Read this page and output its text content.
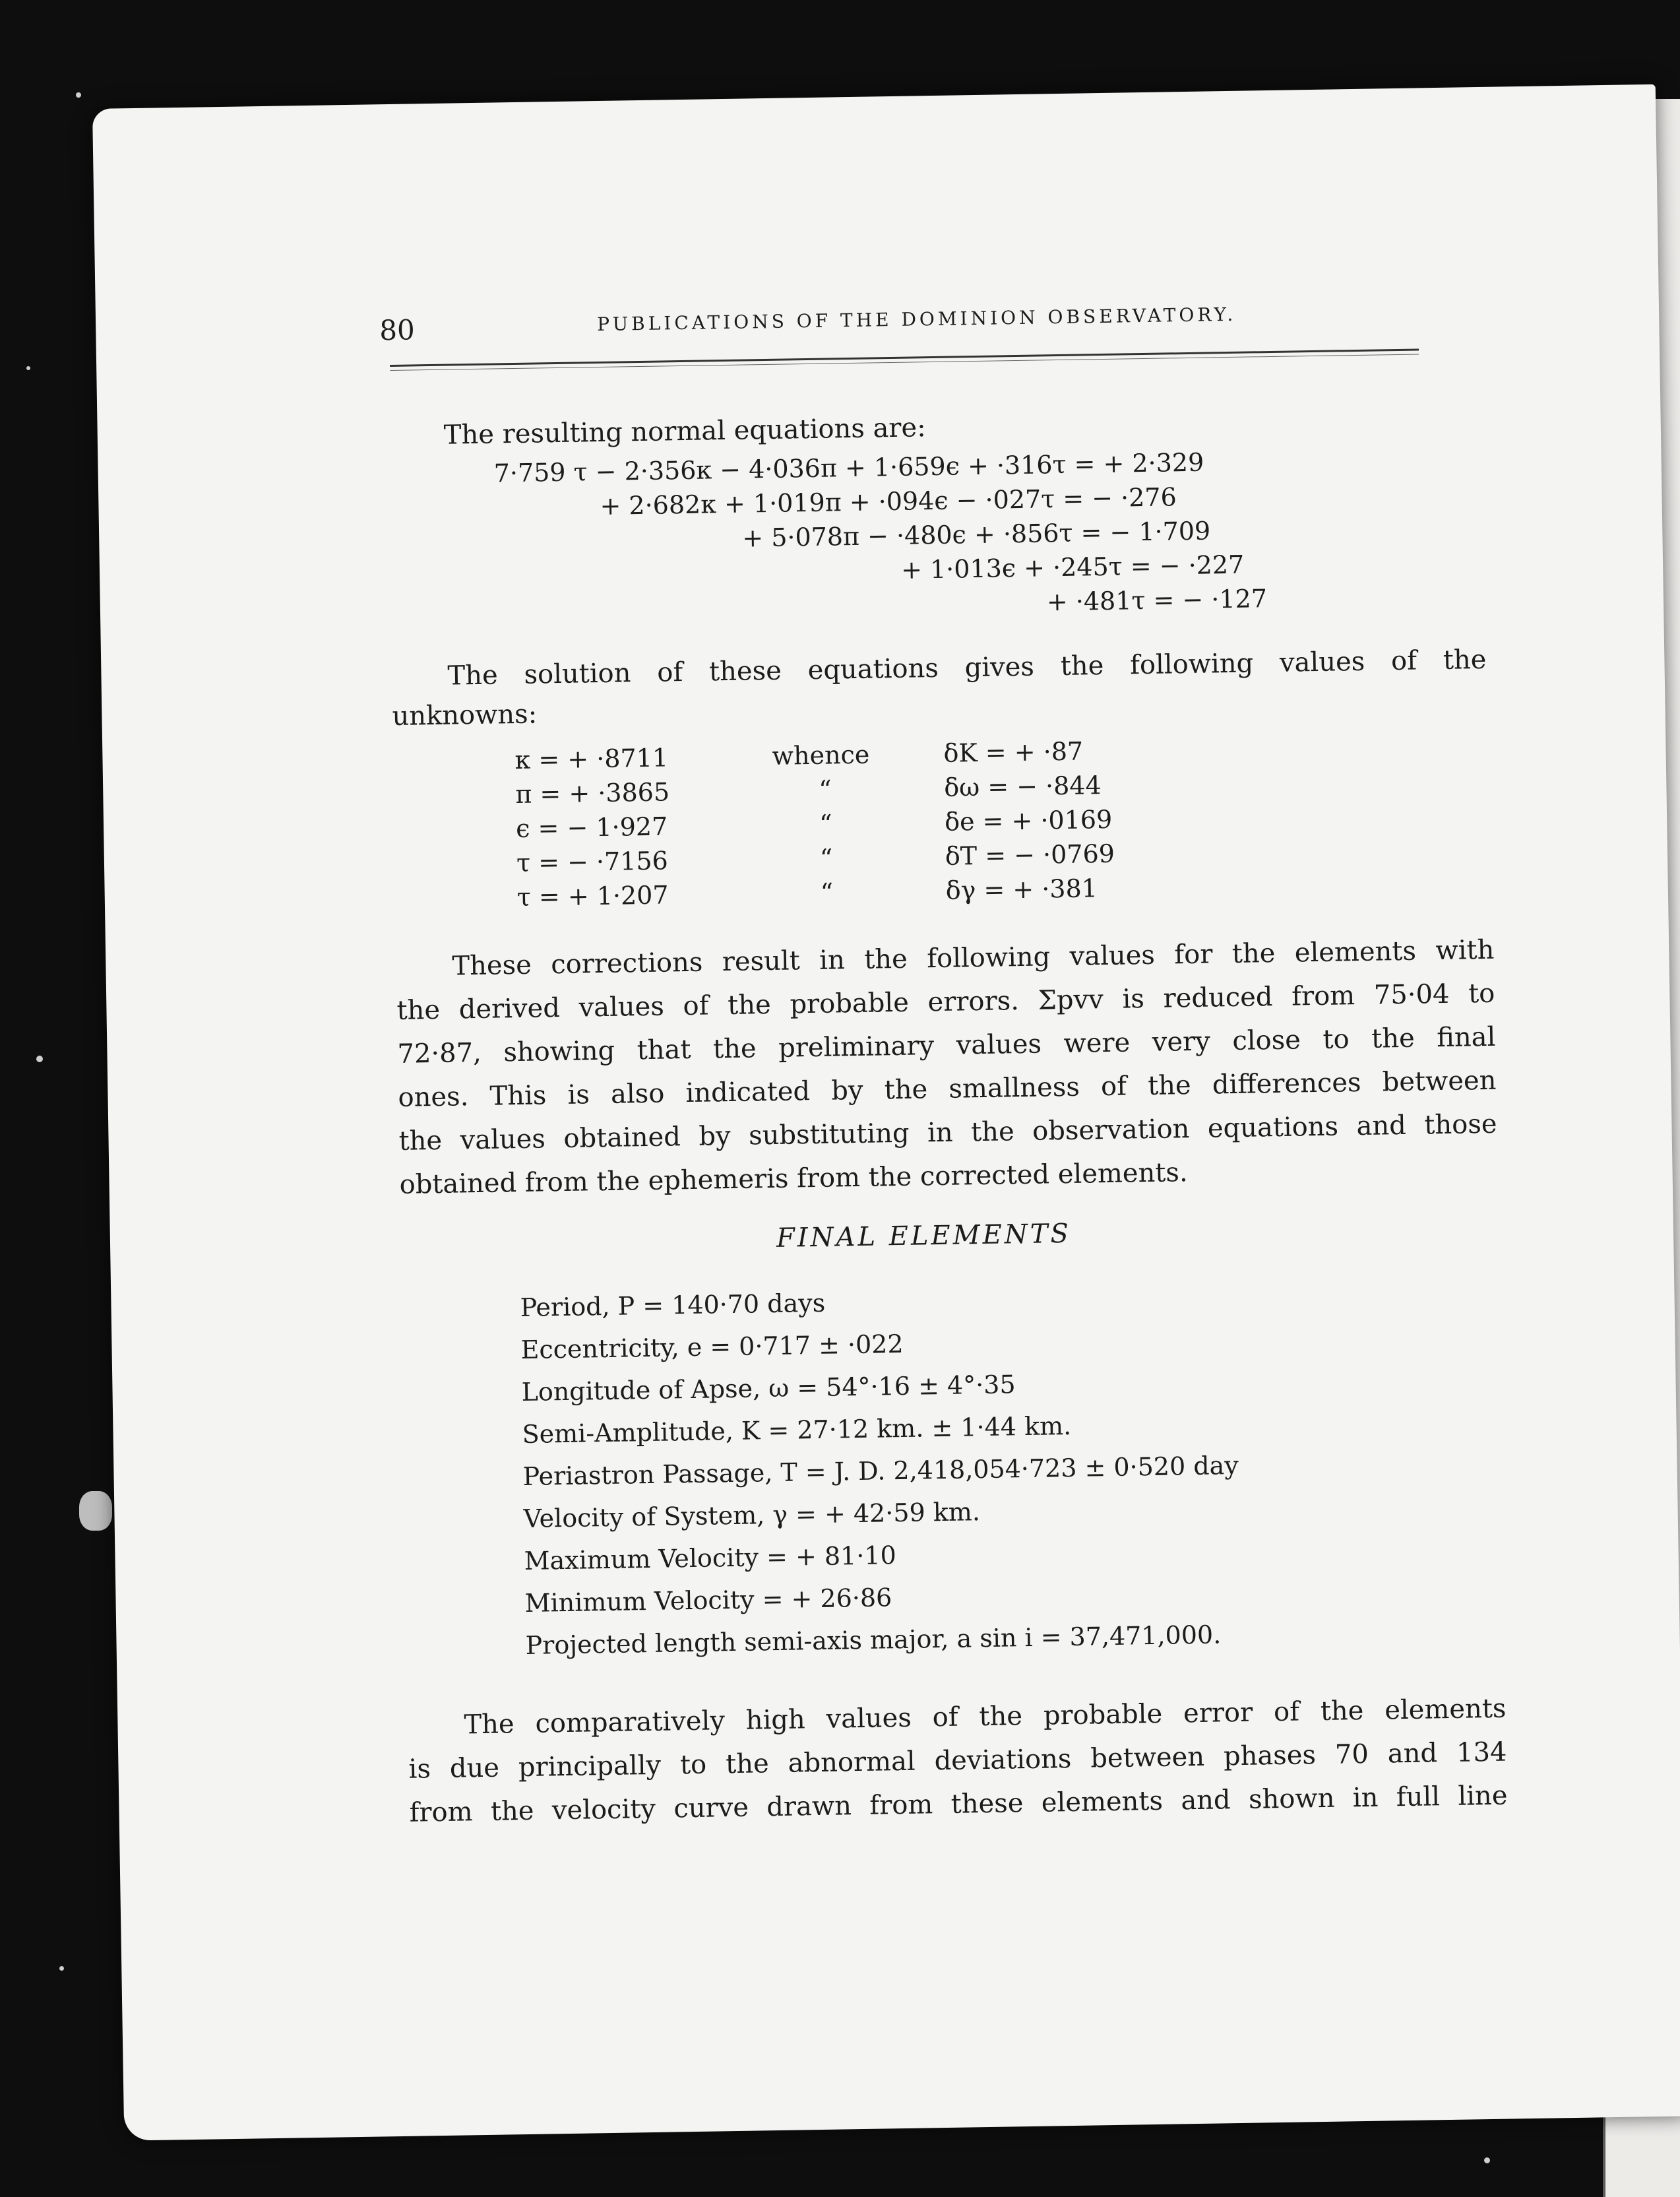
80	PUBLICATIONS OF THE DOMINION OBSERVATORY.
The resulting normal equations are:
7·759 τ − 2·356κ − 4·036π + 1·659ϵ + ·316τ = + 2·329
+ 2·682κ + 1·019π + ·094ϵ − ·027τ = − ·276
+ 5·078π − ·480ϵ + ·856τ = − 1·709
+ 1·013ϵ + ·245τ = − ·227
+ ·481τ = − ·127
The solution of these equations gives the following values of the
unknowns:
κ = + ·8711	whence	δK = + ·87
π = + ·3865	“	δω = − ·844
ϵ = − 1·927	“	δe = + ·0169
τ = − ·7156	“	δT = − ·0769
τ = + 1·207	“	δγ = + ·381
These corrections result in the following values for the elements with
the derived values of the probable errors. Σpvv is reduced from 75·04 to
72·87, showing that the preliminary values were very close to the final
ones. This is also indicated by the smallness of the differences between
the values obtained by substituting in the observation equations and those
obtained from the ephemeris from the corrected elements.
FINAL ELEMENTS
Period, P = 140·70 days
Eccentricity, e = 0·717 ± ·022
Longitude of Apse, ω = 54°·16 ± 4°·35
Semi-Amplitude, K = 27·12 km. ± 1·44 km.
Periastron Passage, T = J. D. 2,418,054·723 ± 0·520 day
Velocity of System, γ = + 42·59 km.
Maximum Velocity = + 81·10
Minimum Velocity = + 26·86
Projected length semi-axis major, a sin i = 37,471,000.
The comparatively high values of the probable error of the elements
is due principally to the abnormal deviations between phases 70 and 134
from the velocity curve drawn from these elements and shown in full line
